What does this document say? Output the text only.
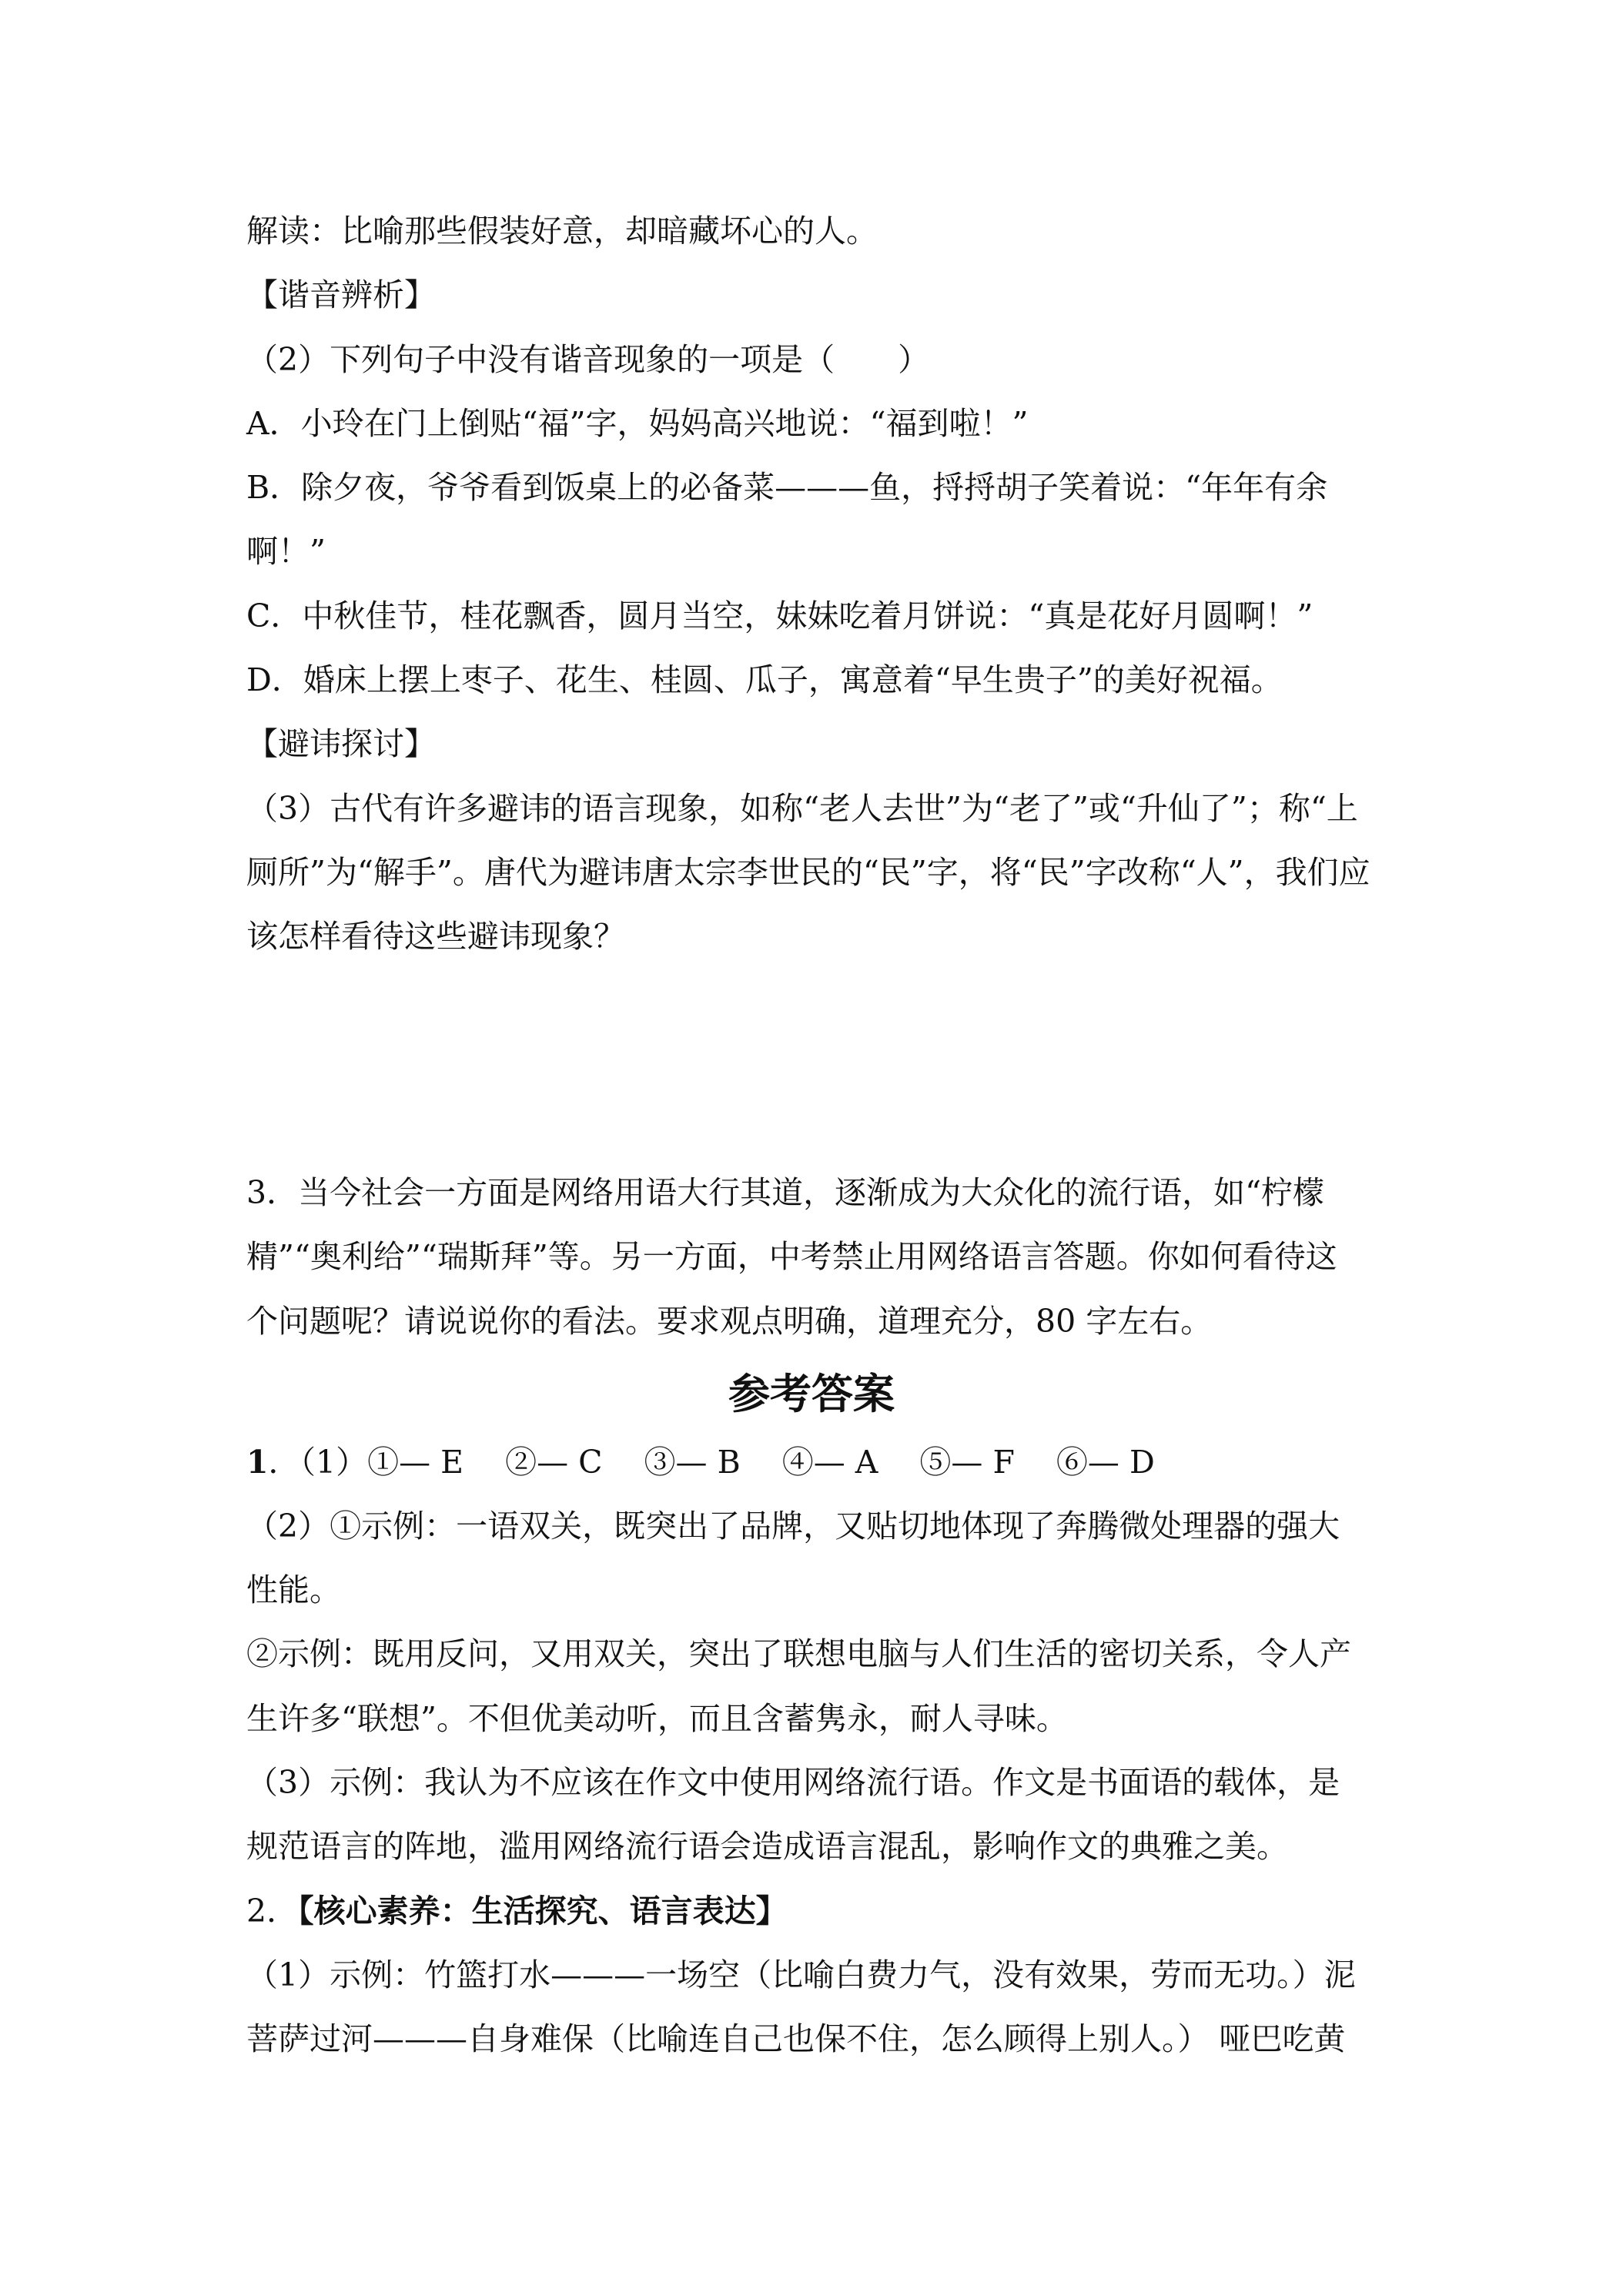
解读：比喻那些假装好意，却暗藏坏心的人。
【谐音辨析】
（2）下列句子中没有谐音现象的一项是（　　）
A．小玲在门上倒贴“福”字，妈妈高兴地说：“福到啦！”
B．除夕夜，爷爷看到饭桌上的必备菜———鱼，捋捋胡子笑着说：“年年有余
啊！”
C．中秋佳节，桂花飘香，圆月当空，妹妹吃着月饼说：“真是花好月圆啊！”
D．婚床上摆上枣子、花生、桂圆、瓜子，寓意着“早生贵子”的美好祝福。
【避讳探讨】
（3）古代有许多避讳的语言现象，如称“老人去世”为“老了”或“升仙了”；称“上
厕所”为“解手”。唐代为避讳唐太宗李世民的“民”字，将“民”字改称“人”，我们应
该怎样看待这些避讳现象？
3．当今社会一方面是网络用语大行其道，逐渐成为大众化的流行语，如“柠檬
精”“奥利给”“瑞斯拜”等。另一方面，中考禁止用网络语言答题。你如何看待这
个问题呢？请说说你的看法。要求观点明确，道理充分，80 字左右。
参考答案
1．（1）①— E　 ②— C　 ③— B　 ④— A　 ⑤— F　 ⑥— D
（2）①示例：一语双关，既突出了品牌，又贴切地体现了奔腾微处理器的强大
性能。
②示例：既用反问，又用双关，突出了联想电脑与人们生活的密切关系，令人产
生许多“联想”。不但优美动听，而且含蓄隽永，耐人寻味。
（3）示例：我认为不应该在作文中使用网络流行语。作文是书面语的载体，是
规范语言的阵地，滥用网络流行语会造成语言混乱，影响作文的典雅之美。
2．【核心素养：生活探究、语言表达】
（1）示例：竹篮打水———一场空（比喻白费力气，没有效果，劳而无功。）泥
菩萨过河———自身难保（比喻连自己也保不住，怎么顾得上别人。） 哑巴吃黄
